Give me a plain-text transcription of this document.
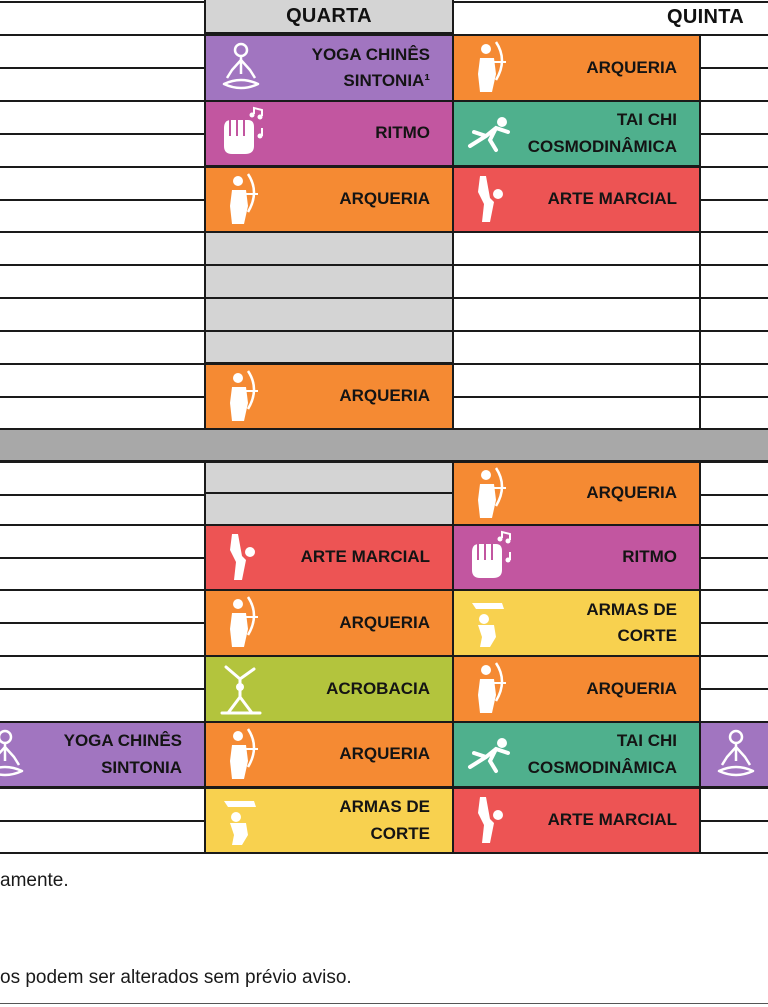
QUARTA	QUINTA
YOGA CHINÊS
SINTONIA¹
RITMO
ARQUERIA
ARQUERIA
ARTE MARCIAL
ARQUERIA
ACROBACIA
ARQUERIA
ARMAS DE
CORTE
ARQUERIA
TAI CHI
COSMODINÂMICA
ARTE MARCIAL
ARQUERIA
RITMO
ARMAS DE
CORTE
ARQUERIA
TAI CHI
COSMODINÂMICA
ARTE MARCIAL
YOGA CHINÊS
SINTONIA
amente.
os podem ser alterados sem prévio aviso.
